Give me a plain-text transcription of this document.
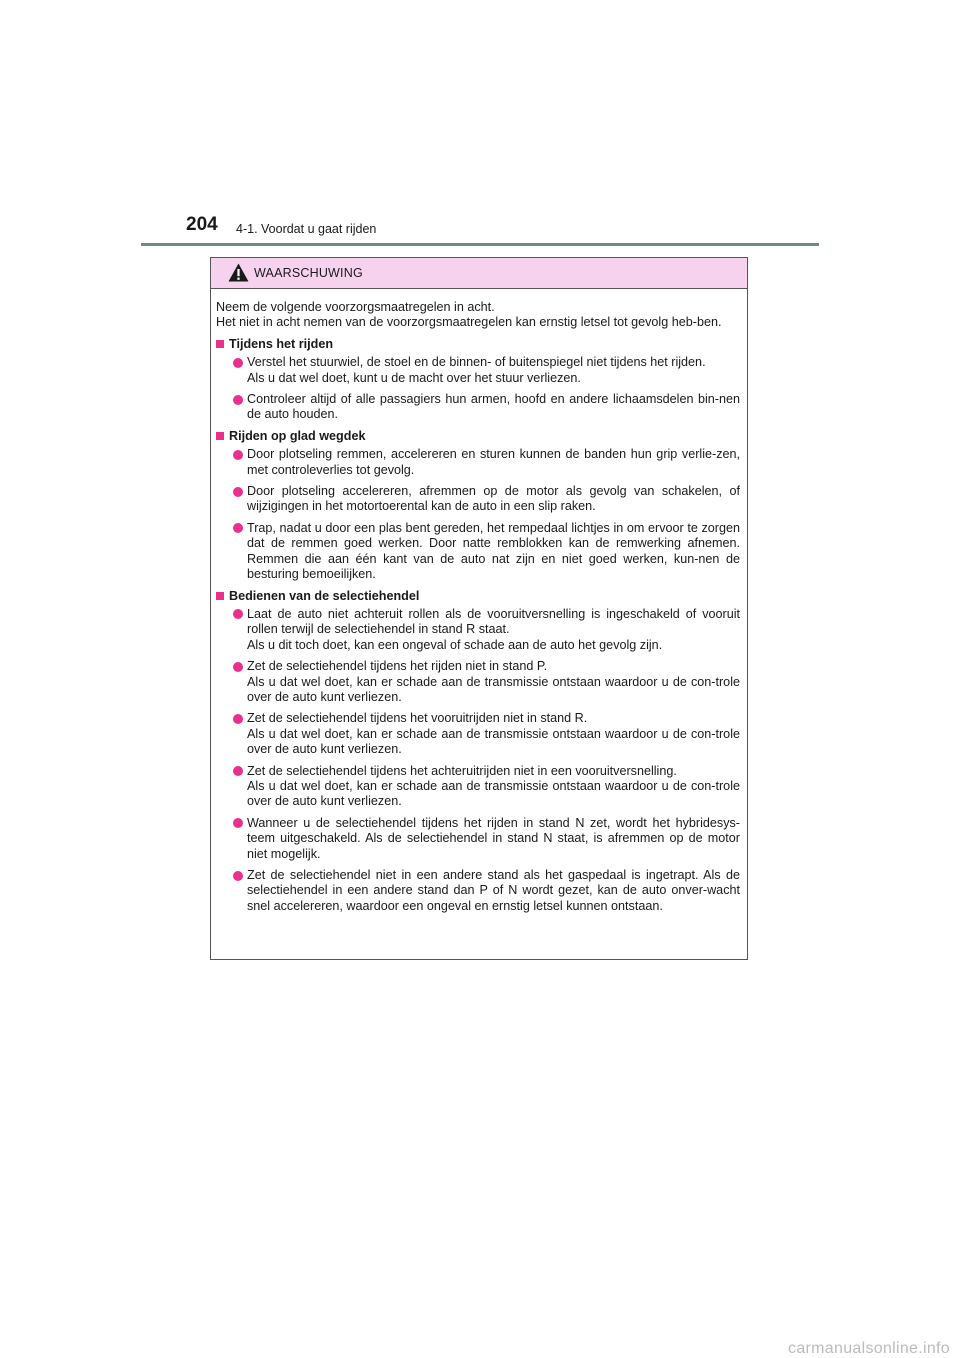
204 4-1. Voordat u gaat rijden
WAARSCHUWING

Neem de volgende voorzorgsmaatregelen in acht.
Het niet in acht nemen van de voorzorgsmaatregelen kan ernstig letsel tot gevolg heb-ben.

Tijdens het rijden
Verstel het stuurwiel, de stoel en de binnen- of buitenspiegel niet tijdens het rijden.
Als u dat wel doet, kunt u de macht over het stuur verliezen.
Controleer altijd of alle passagiers hun armen, hoofd en andere lichaamsdelen bin-nen de auto houden.
Rijden op glad wegdek
Door plotseling remmen, accelereren en sturen kunnen de banden hun grip verlie-zen, met controleverlies tot gevolg.
Door plotseling accelereren, afremmen op de motor als gevolg van schakelen, of wijzigingen in het motortoerental kan de auto in een slip raken.
Trap, nadat u door een plas bent gereden, het rempedaal lichtjes in om ervoor te zorgen dat de remmen goed werken. Door natte remblokken kan de remwerking afnemen. Remmen die aan één kant van de auto nat zijn en niet goed werken, kun-nen de besturing bemoeilijken.
Bedienen van de selectiehendel
Laat de auto niet achteruit rollen als de vooruitversnelling is ingeschakeld of vooruit rollen terwijl de selectiehendel in stand R staat.
Als u dit toch doet, kan een ongeval of schade aan de auto het gevolg zijn.
Zet de selectiehendel tijdens het rijden niet in stand P.
Als u dat wel doet, kan er schade aan de transmissie ontstaan waardoor u de con-trole over de auto kunt verliezen.
Zet de selectiehendel tijdens het vooruitrijden niet in stand R.
Als u dat wel doet, kan er schade aan de transmissie ontstaan waardoor u de con-trole over de auto kunt verliezen.
Zet de selectiehendel tijdens het achteruitrijden niet in een vooruitversnelling.
Als u dat wel doet, kan er schade aan de transmissie ontstaan waardoor u de con-trole over de auto kunt verliezen.
Wanneer u de selectiehendel tijdens het rijden in stand N zet, wordt het hybridesys-teem uitgeschakeld. Als de selectiehendel in stand N staat, is afremmen op de motor niet mogelijk.
Zet de selectiehendel niet in een andere stand als het gaspedaal is ingetrapt. Als de selectiehendel in een andere stand dan P of N wordt gezet, kan de auto onver-wacht snel accelereren, waardoor een ongeval en ernstig letsel kunnen ontstaan.
carmanualsonline.info
